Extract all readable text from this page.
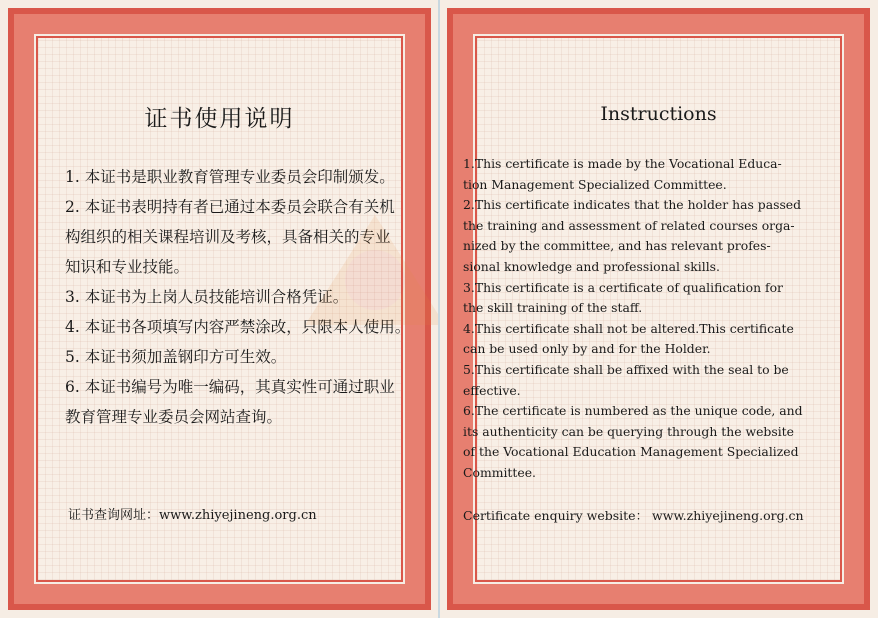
证书使用说明
1. 本证书是职业教育管理专业委员会印制颁发。
2. 本证书表明持有者已通过本委员会联合有关机
构组织的相关课程培训及考核，具备相关的专业
知识和专业技能。
3. 本证书为上岗人员技能培训合格凭证。
4. 本证书各项填写内容严禁涂改，只限本人使用。
5. 本证书须加盖钢印方可生效。
6. 本证书编号为唯一编码，其真实性可通过职业
教育管理专业委员会网站查询。
证书查询网址：www.zhiyejineng.org.cn
Instructions
1.This certificate is made by the Vocational Educa-
tion Management Specialized Committee.
2.This certificate indicates that the holder has passed
the training and assessment of related courses orga-
nized by the committee, and has relevant profes-
sional knowledge and professional skills.
3.This certificate is a certificate of qualification for
the skill training of the staff.
4.This certificate shall not be altered.This certificate
can be used only by and for the Holder.
5.This certificate shall be affixed with the seal to be
effective.
6.The certificate is numbered as the unique code, and
its authenticity can be querying through the website
of the Vocational Education Management Specialized
Committee.
Certificate enquiry website： www.zhiyejineng.org.cn
